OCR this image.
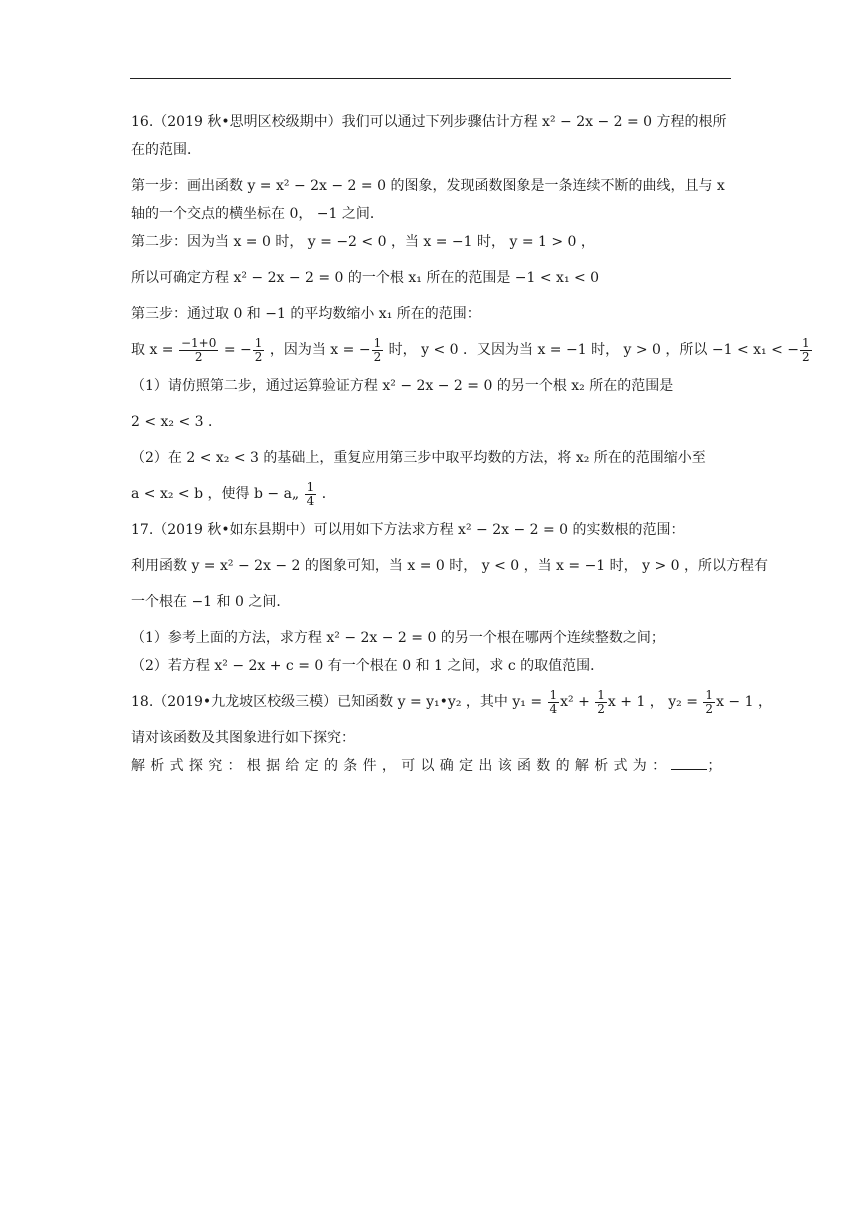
16.（2019 秋•思明区校级期中）我们可以通过下列步骤估计方程 x² − 2x − 2 = 0 方程的根所
在的范围．
第一步：画出函数 y = x² − 2x − 2 = 0 的图象，发现函数图象是一条连续不断的曲线，且与 x
轴的一个交点的横坐标在 0， −1 之间．
第二步：因为当 x = 0 时， y = −2 < 0 ，当 x = −1 时， y = 1 > 0 ，
所以可确定方程 x² − 2x − 2 = 0 的一个根 x₁ 所在的范围是 −1 < x₁ < 0
第三步：通过取 0 和 −1 的平均数缩小 x₁ 所在的范围：
取 $x = \frac{-1+0}{2}$ = − $\frac{1}{2}$ ，因为当 x = − $\frac{1}{2}$ 时， y < 0 ．又因为当 x = −1 时， y > 0 ，所以 −1 < x₁ < − $\frac{1}{2}$
（1）请仿照第二步，通过运算验证方程 x² − 2x − 2 = 0 的另一个根 x₂ 所在的范围是
2 < x₂ < 3 ．
（2）在 2 < x₂ < 3 的基础上，重复应用第三步中取平均数的方法，将 x₂ 所在的范围缩小至
a < x₂ < b ，使得 b − a„ $\frac{1}{4}$ ．
17.（2019 秋•如东县期中）可以用如下方法求方程 x² − 2x − 2 = 0 的实数根的范围：
利用函数 y = x² − 2x − 2 的图象可知，当 x = 0 时， y < 0 ，当 x = −1 时， y > 0 ，所以方程有
一个根在 −1 和 0 之间．
（1）参考上面的方法，求方程 x² − 2x − 2 = 0 的另一个根在哪两个连续整数之间；
（2）若方程 x² − 2x + c = 0 有一个根在 0 和 1 之间，求 c 的取值范围．
18.（2019•九龙坡区校级三模）已知函数 y = y₁•y₂ ，其中 $y_1 = \frac{1}{4} x^2 + \frac{1}{2}$ x + 1 ， $y_2 = \frac{1}{2}$ x − 1 ，
请对该函数及其图象进行如下探究：
解析式探究：根据给定的条件，可以确定出该函数的解析式为：	；
